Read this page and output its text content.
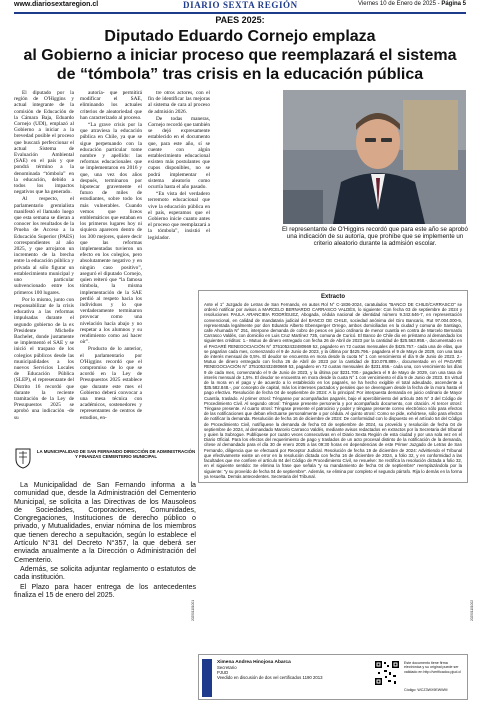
www.diariosextaregion.cl	DIARIO SEXTA REGIÓN	Viernes 10 de Enero de 2025 - Página 5
PAES 2025:
Diputado Eduardo Cornejo emplaza
al Gobierno a iniciar proceso que reemplazará el sistema
de “tómbola” tras crisis en la educación pública

El diputado por la región de O'Higgins y actual integrante de la comisión de Educación de la Cámara Baja, Eduardo Cornejo (UDI), emplazó al Gobierno a iniciar a la brevedad posible el proceso que buscará perfeccionar el actual Sistema de Evaluación Ambiental (SAE) en el país y que pondrá término a la denominada “tómbola” en la educación, debido a todos los impactos negativos que ha generado.

Al respecto, el parlamentario gremialista manifestó el llamado luego que esta semana se dieran a conocer los resultados de la Prueba de Acceso a la Educación Superior (PAES) correspondientes al año 2025, y que arrojaron un incremento de la brecha entre la educación pública y privada al sólo figurar un establecimiento municipal y uno particular subvencionado entre los primeros 100 lugares.

Por lo mismo, junto con responsabilizar de la crisis educativa a las reformas impulsadas durante el segundo gobierno de la ex Presidente Michelle Bachelet, donde justamente se implementó el SAE y se inició el traspaso de los colegios públicos desde las municipalidades a los nuevos Servicios Locales de Educación Pública (SLEP), el representante del Distrito 16 recordó que durante la reciente tramitación de la Ley de Presupuestos 2025 se aprobó una indicación -de su

autoría- que permitirá modificar el SAE, eliminando los actuales criterios de aleatoriedad que han caracterizado al proceso.

“La grave crisis por la que atraviesa la educación pública en Chile, ya que se sigue perpetuando con la educación particular tome nombre y apellido: las reformas educacionales que se implementaron en 2016 y que, una vez dos años después, terminaron por hipotecar gravemente el futuro de miles de estudiantes, sobre todo los más vulnerables. Cuando vemos que liceos emblemáticos que estaban en los primeros lugares hoy ni siquiera aparecen dentro de los 300 mejores, quiere decir que las reformas implementadas tuvieron un efecto en los colegios, pero absolutamente negativo y en ningún caso positivo”, aseguró el diputado Cornejo, quien reiteró que “la famosa tómbola, la misma implementación de la SAE perdió al respeto hacia los individuos y lo que verdaderamente terminaron provocar como una nivelación hacia abajo y no respetar a los alumnos y su rendimiento como así hacer oír”.

Producto de lo anterior, el parlamentario por O'Higgins recordó que el compromiso de lo que se acordó en la Ley de Presupuestos 2025 establece que durante este mes el Gobierno deberá convocar a una mesa técnica con académicos, sostenedores y representantes de centros de estudios, en-

tre otros actores, con el fin de identificar las mejoras al sistema de cara al proceso de admisión 2026.

De todas maneras, Cornejo recordó que también se dejó expresamente establecido en el documento que, para este año, sí se cuente con algún establecimiento educacional existen más postulantes que cupos disponibles, no se podrá implementar el sistema aleatorio como ocurría hasta el año pasado.

“En vista del verdadero terremoto educacional que vive la educación pública en el país, esperamos que el Gobierno inicie cuanto antes el proceso que reemplazará a la tómbola”, insistió el legislador.

El representante de O'Higgins recordó que para este año se aprobó una indicación de su autoría, que prohíbe que se implemente un criterio aleatorio durante la admisión escolar.
LA MUNICIPALIDAD DE SAN FERNANDO DIRECCIÓN DE ADMINISTRACIÓN Y FINANZAS CEMENTERIO MUNICIPAL

La Municipalidad de San Fernando informa a la comunidad que, desde la Administración del Cementerio Municipal, se solicita a las Directivas de los Mausoleos de Sociedades, Corporaciones, Comunidades, Congregaciones, Instituciones de derecho público o privado, y Mutualidades, enviar nómina de los miembros que tienen derecho a sepultación, según lo establece el Artículo N°31 del Decreto N°357, la que deberá ser enviada anualmente a la Dirección o Administración del Cementerio.

Además, se solicita adjuntar reglamento o estatutos de cada institución.

El Plazo para hacer entrega de los antecedentes finaliza el 15 de enero del 2025.

Extracto
Ante el 1° Juzgado de Letras de San Fernando, en autos Rol N° C-1836-2024, caratulados "BANCO DE CHILE/CARRASCO" se ordenó notificar por avisos a MARCELO BERNARDO CARRASCO VALDÉS, lo siguiente: Con fecha 03 de septiembre de 2024 y resoluciones PAULA ARANCIBIA RODRÍGUEZ, Abogada, cédula nacional de identidad número 9.342.646-7, en representación convencional, en calidad de mandataria judicial del BANCO DE CHILE, sociedad anónima del Giro Bancario, Rut 97.004.000-5, representada legalmente por don Eduardo Alberto Ebensperger Orrego, ambos domiciliados en la ciudad y comuna de Santiago, calle Ahumada N° 251, interpone demanda de cobro de pesos en juicio ordinario de menor cuantía en contra de Marcelo Bernardo Carrasco Valdés, con domicilio en Luis Cruz Martínez 735, comuna de Curicó. El Banco de Chile dio en préstamo al demandado los siguientes créditos: 1.- Mutuo de dinero entregado con fecha 26 de Abril de 2023 por la cantidad de $25.563.958.-, documentado en el PAGARÉ RENEGOCIACIÓN N° 3751052432480669 52, pagadero en 72 cuotas mensuales de $425.757.- cada una de ellas, que se pagarían cada mes, comenzando el 9 de Junio de 2023, y la última por $425.796.- pagadera el 9 de Mayo de 2029, con una tasa de interés mensual de 0,5%. El deudor se encuentra en mora desde la cuota N° 1 con vencimiento el día 9 de Junio de 2023. 2.- Mutuo de dinero entregado con fecha 26 de Abril de 2023 por la cantidad de $10.078.889.-, documentado en el PAGARÉ RENEGOCIACIÓN N° 3751052432480669 53, pagadero en 72 cuotas mensuales de $231.656.- cada una, con vencimiento los días 9 de cada mes, comenzando el 9 de Junio de 2023, y la última por $231.700.- pagadera el 9 de Mayo de 2029, con una tasa de interés mensual de 1,5%. El deudor se encuentra en mora desde la cuota N° 1 con vencimiento el día 9 de Junio de 2023. En virtud de la mora en el pago y de acuerdo a lo establecido en los pagarés, se ha hecho exigible el total adeudado, ascendente a $35.582.848.-, por concepto de capital, más los intereses pactados y penales que se devenguen desde la fecha de la mora hasta el pago efectivo. Resolución de fecha 04 de septiembre de 2024: A lo principal: Por interpuesta demanda en juicio ordinario de Mayor Cuantía, traslado. Al primer otrosí: Ténganse por acompañados pagarés, bajo el apercibimiento del artículo 346 N° 3 del Código de Procedimiento Civil. Al segundo otrosí: Téngase presente personería y por acompañado documento, con citación. Al tercer otrosí: Téngase presente. Al cuarto otrosí: Téngase presente el patrocinio y poder y téngase presente correo electrónico sólo para efectos de las notificaciones que deban efectuarse personalmente o por cédula. Al quinto otrosí: Como se pide, exhórtese, sólo para efectos de notificar la demanda. Resolución de fecha 16 de diciembre de 2024: De conformidad con lo dispuesto en el artículo 54 del Código de Procedimiento Civil, notifíquese la demanda de fecha 03 de septiembre de 2024, su proveído y resolución de fecha 04 de septiembre de 2024, al demandado Marcelo Carrasco Valdés, mediante avisos redactados en extractos por la Secretaria del tribunal y quien la Subrogue. Publíquese por cuatro veces consecutivas en el Diario Sexta Región de esta ciudad y por una sola vez en el Diario Oficial. Para los efectos del requerimiento de pago y traslados de un acto procesal distinto de la notificación de la demanda, cítese al demandado para el día 30 de enero 2025 a las 09:30 horas en dependencias de este Primer Juzgado de Letras de San Fernando, diligencia que se efectuará por Receptor Judicial. Resolución de fecha 19 de diciembre de 2024: Advirtiendo el Tribunal que efectivamente existe un error en la resolución dictada con fecha 16 de diciembre de 2024, a folio 32, y en conformidad a las facultades que me confiere el artículo 84 del Código de Procedimiento Civil, se resuelve: Se rectifica la resolución dictada a folio 32, en el siguiente sentido: Se elimina la frase que señala "y su mandamiento de fecha 04 de septiembre" reemplazándola por la siguiente: "y su proveído de fecha 04 de septiembre". Además, se elimina por completo el segundo párrafo. Rija lo demás en la forma ya resuelta. Demás antecedentes. Secretaria del Tribunal.
Ximena Andrea Hinojosa Abarca
Secretario
PJUD
Veedido en discusión de dos vel certificados 1190 2013
Este documento tiene firma electrónica y su original puede ser validado en http://verificadoc.pjud.cl
Código: WCZ3WX9EWWM
202501101001	202501101002
